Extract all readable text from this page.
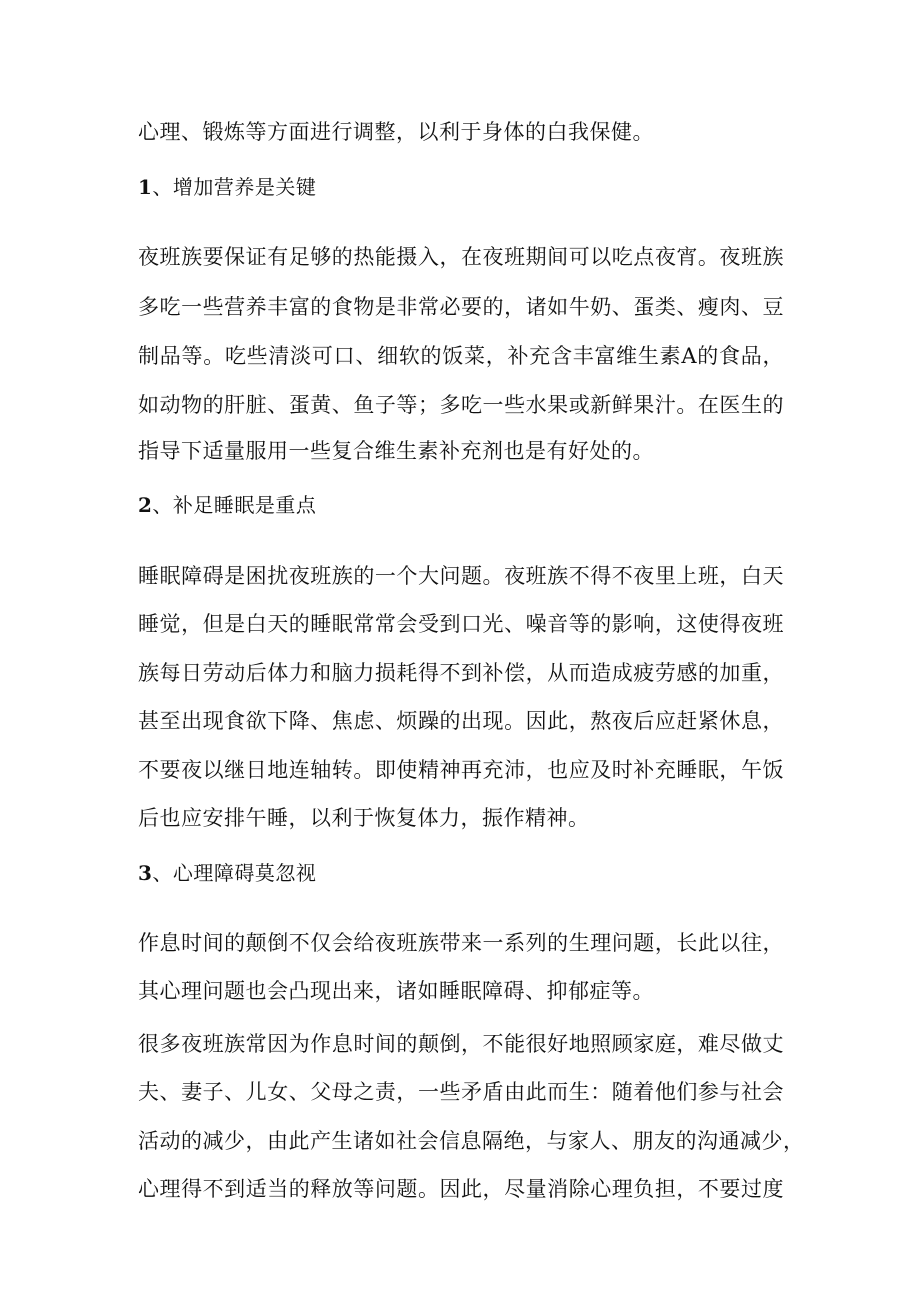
心理、锻炼等方面进行调整，以利于身体的白我保健。
1、增加营养是关键
夜班族要保证有足够的热能摄入，在夜班期间可以吃点夜宵。夜班族
多吃一些营养丰富的食物是非常必要的，诸如牛奶、蛋类、瘦肉、豆
制品等。吃些清淡可口、细软的饭菜，补充含丰富维生素A的食品，
如动物的肝脏、蛋黄、鱼子等；多吃一些水果或新鲜果汁。在医生的
指导下适量服用一些复合维生素补充剂也是有好处的。
2、补足睡眠是重点
睡眠障碍是困扰夜班族的一个大问题。夜班族不得不夜里上班，白天
睡觉，但是白天的睡眠常常会受到口光、噪音等的影响，这使得夜班
族每日劳动后体力和脑力损耗得不到补偿，从而造成疲劳感的加重，
甚至出现食欲下降、焦虑、烦躁的出现。因此，熬夜后应赶紧休息，
不要夜以继日地连轴转。即使精神再充沛，也应及时补充睡眠，午饭
后也应安排午睡，以利于恢复体力，振作精神。
3、心理障碍莫忽视
作息时间的颠倒不仅会给夜班族带来一系列的生理问题，长此以往，
其心理问题也会凸现出来，诸如睡眠障碍、抑郁症等。
很多夜班族常因为作息时间的颠倒，不能很好地照顾家庭，难尽做丈
夫、妻子、儿女、父母之责，一些矛盾由此而生：随着他们参与社会
活动的减少，由此产生诸如社会信息隔绝，与家人、朋友的沟通减少，
心理得不到适当的释放等问题。因此，尽量消除心理负担，不要过度
